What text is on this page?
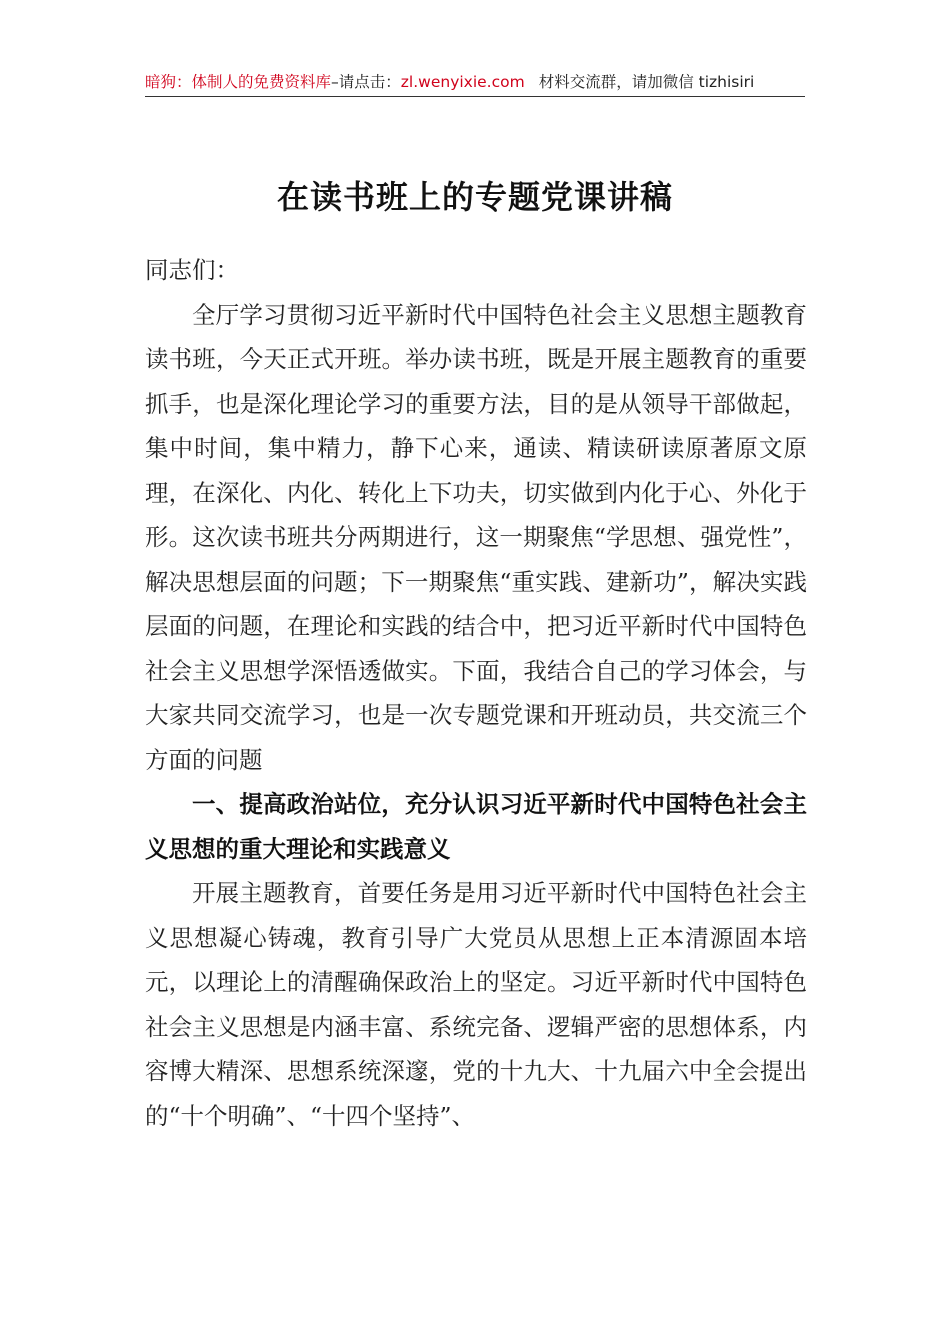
暗狗：体制人的免费资料库–请点击：zl.wenyixie.com 材料交流群，请加微信 tizhisiri
在读书班上的专题党课讲稿

同志们：

全厅学习贯彻习近平新时代中国特色社会主义思想主题教育读书班，今天正式开班。举办读书班，既是开展主题教育的重要抓手，也是深化理论学习的重要方法，目的是从领导干部做起，集中时间，集中精力，静下心来，通读、精读研读原著原文原理，在深化、内化、转化上下功夫，切实做到内化于心、外化于形。这次读书班共分两期进行，这一期聚焦“学思想、强党性”，解决思想层面的问题；下一期聚焦“重实践、建新功”，解决实践层面的问题，在理论和实践的结合中，把习近平新时代中国特色社会主义思想学深悟透做实。下面，我结合自己的学习体会，与大家共同交流学习，也是一次专题党课和开班动员，共交流三个方面的问题

一、提高政治站位，充分认识习近平新时代中国特色社会主义思想的重大理论和实践意义

开展主题教育，首要任务是用习近平新时代中国特色社会主义思想凝心铸魂，教育引导广大党员从思想上正本清源固本培元，以理论上的清醒确保政治上的坚定。习近平新时代中国特色社会主义思想是内涵丰富、系统完备、逻辑严密的思想体系，内容博大精深、思想系统深邃，党的十九大、十九届六中全会提出的“十个明确”、“十四个坚持”、
